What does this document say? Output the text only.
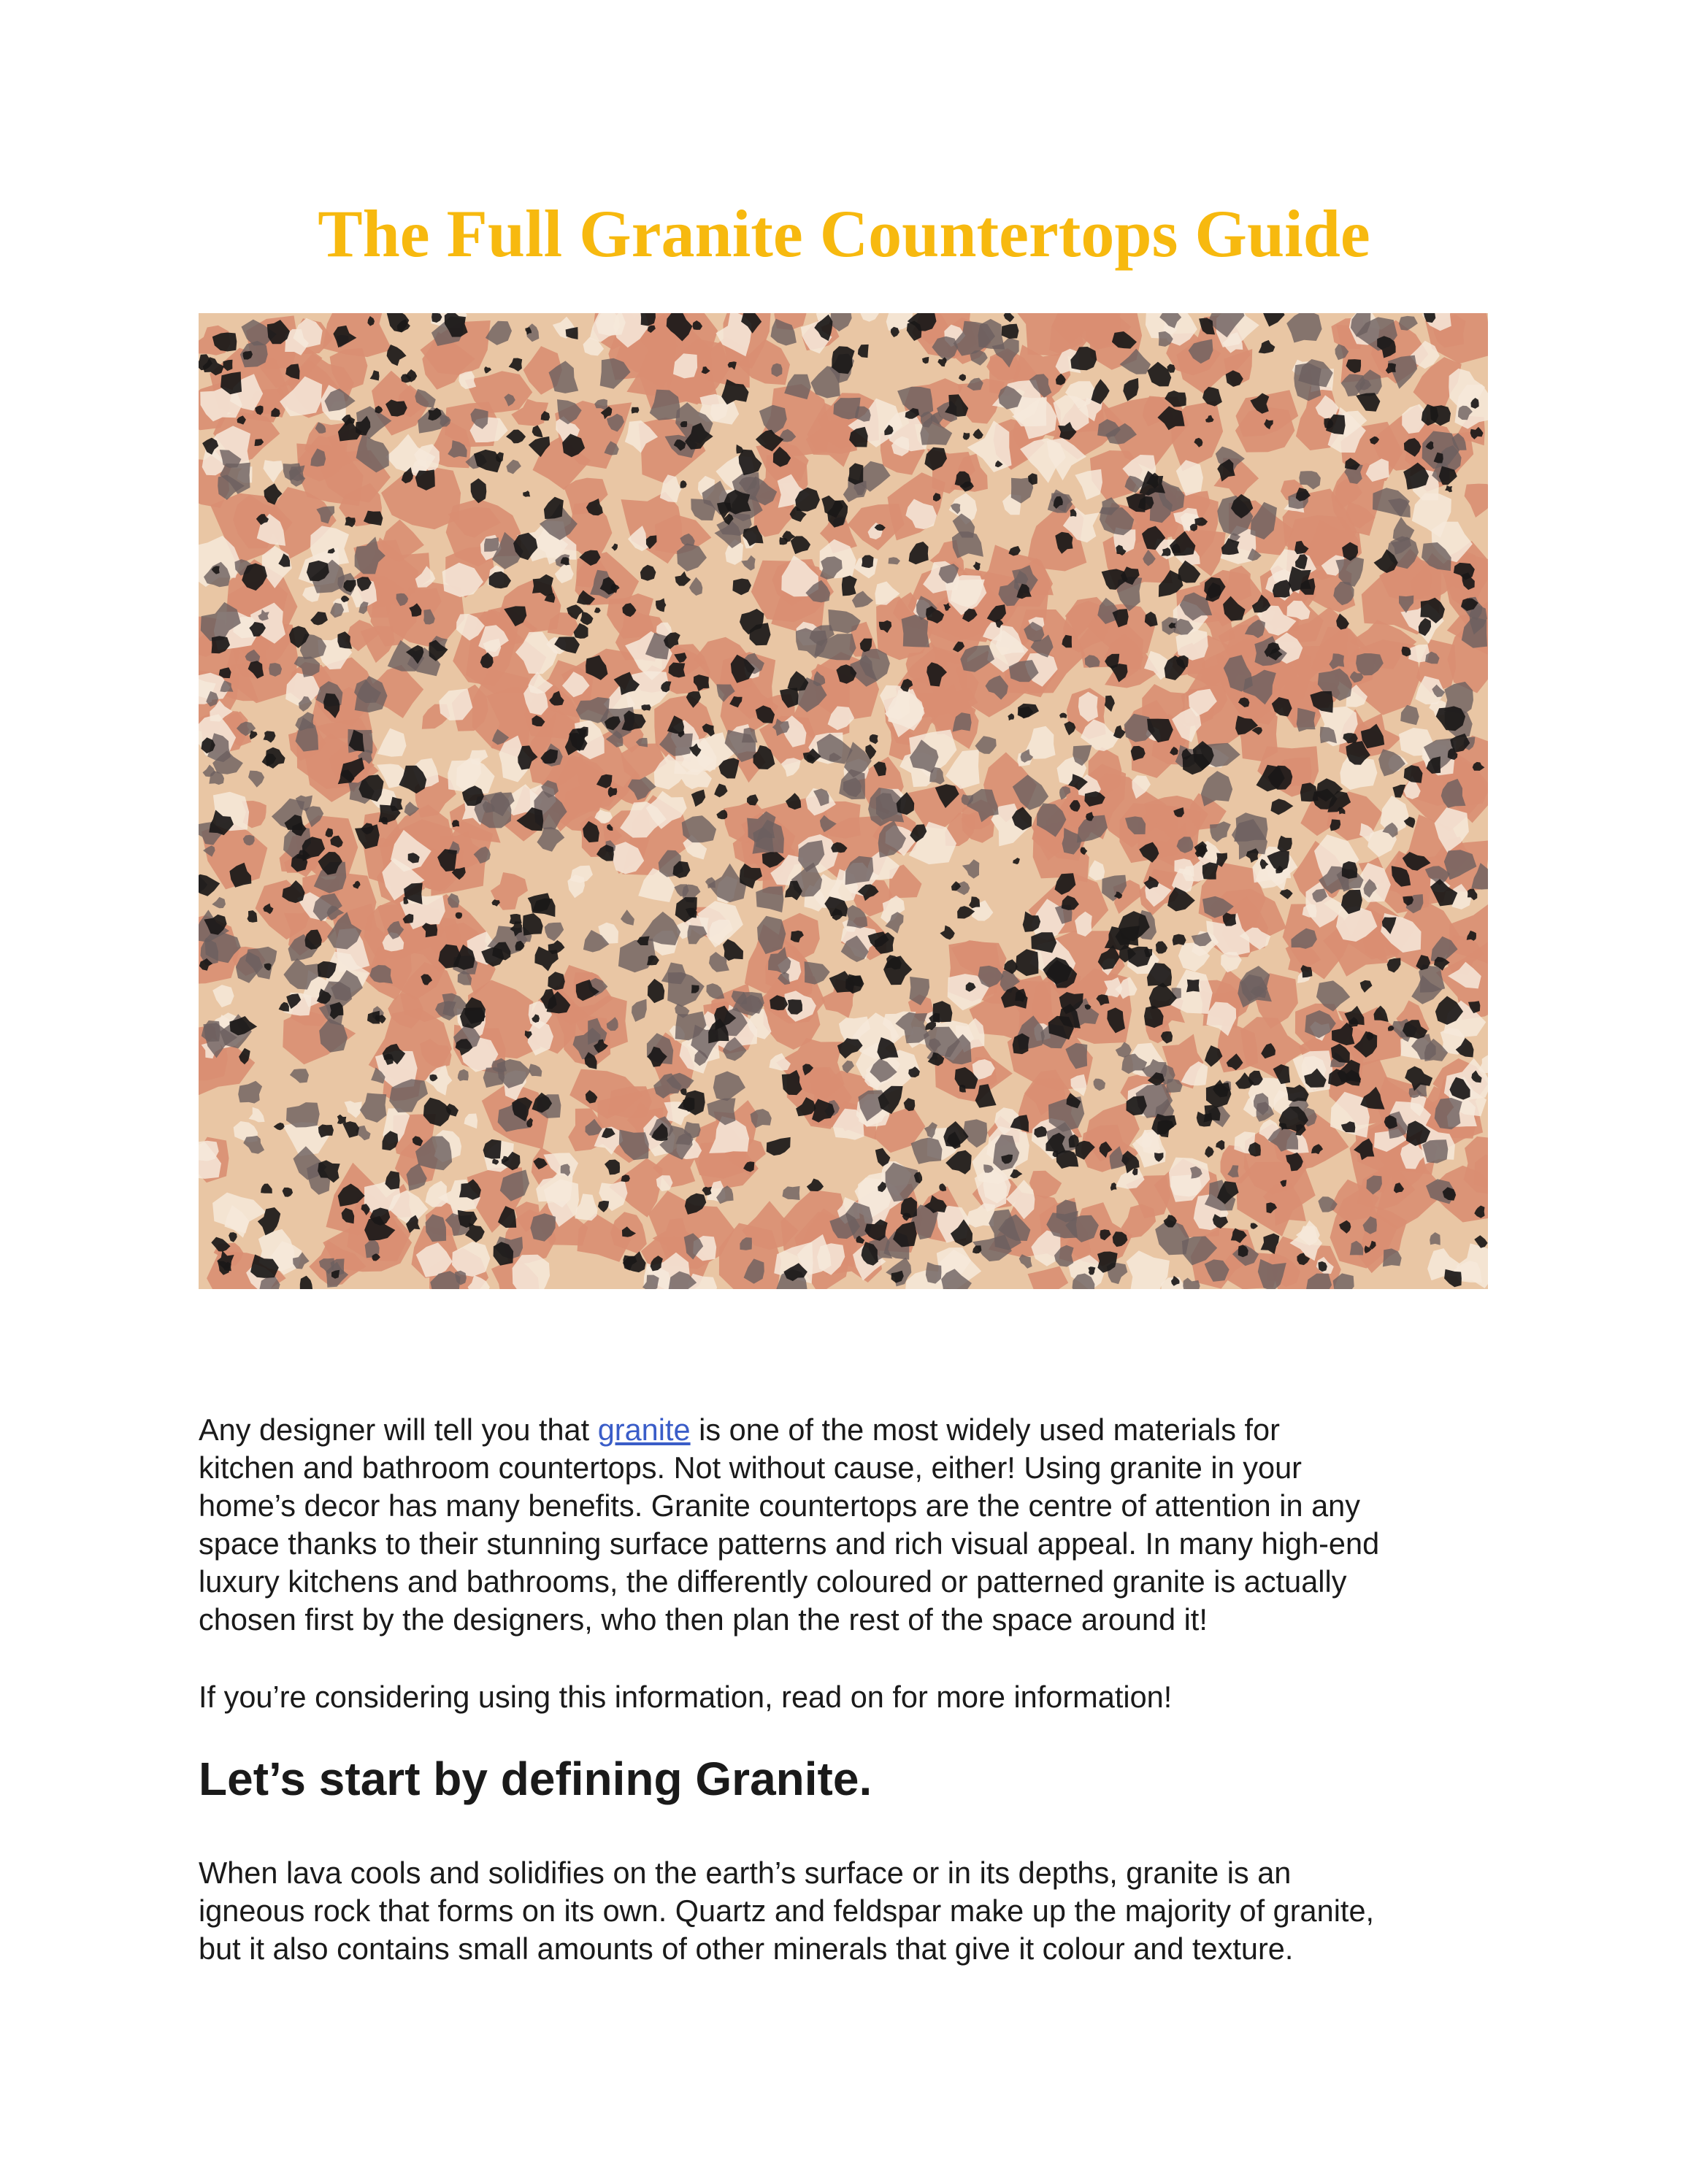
The Full Granite Countertops Guide

Any designer will tell you that granite is one of the most widely used materials for
kitchen and bathroom countertops. Not without cause, either! Using granite in your
home’s decor has many benefits. Granite countertops are the centre of attention in any
space thanks to their stunning surface patterns and rich visual appeal. In many high-end
luxury kitchens and bathrooms, the differently coloured or patterned granite is actually
chosen first by the designers, who then plan the rest of the space around it!

If you’re considering using this information, read on for more information!

Let’s start by defining Granite.

When lava cools and solidifies on the earth’s surface or in its depths, granite is an
igneous rock that forms on its own. Quartz and feldspar make up the majority of granite,
but it also contains small amounts of other minerals that give it colour and texture.
